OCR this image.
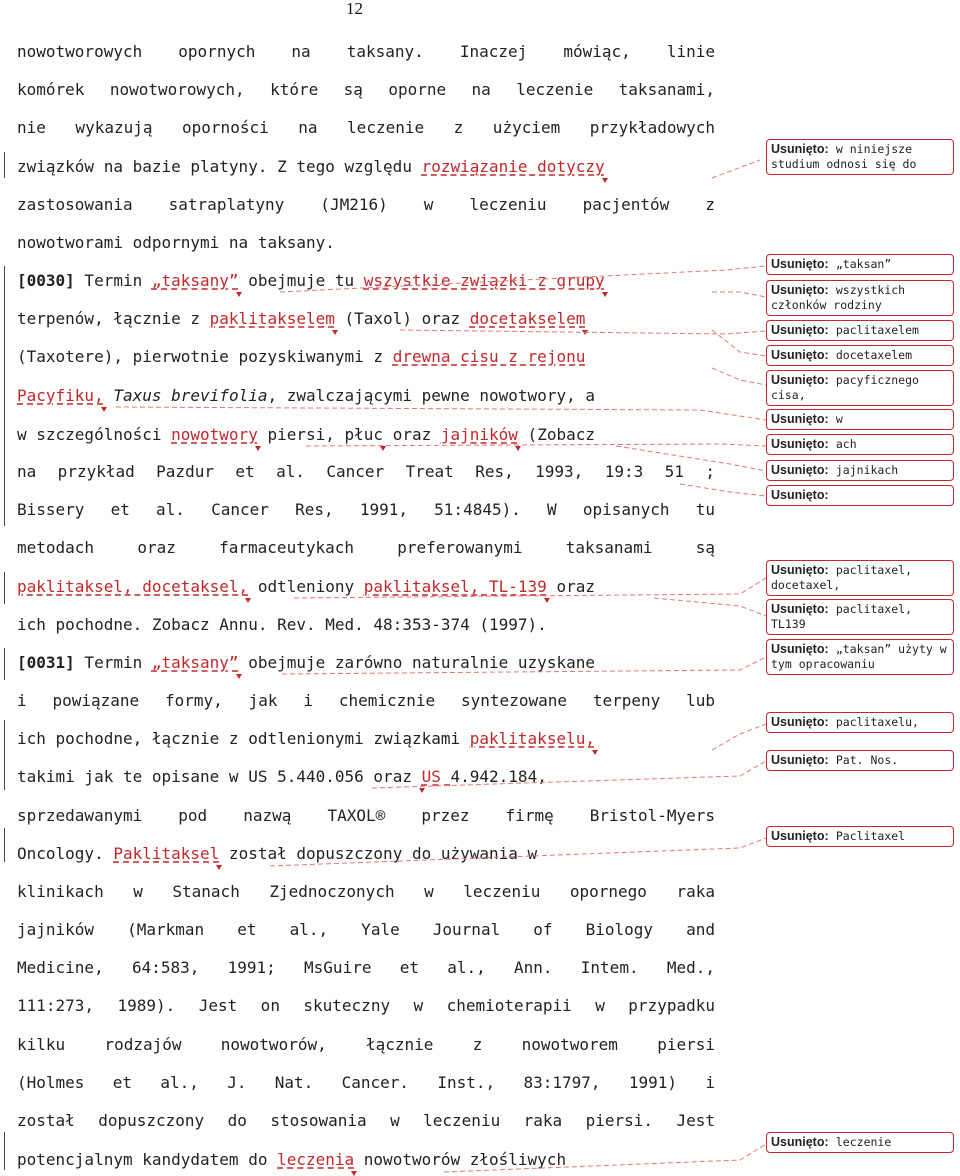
12
nowotworowych opornych na taksany. Inaczej mówiąc, linie
komórek nowotworowych, które są oporne na leczenie taksanami,
nie wykazują oporności na leczenie z użyciem przykładowych
związków na bazie platyny. Z tego względu rozwiązanie dotyczy
zastosowania satraplatyny (JM216) w leczeniu pacjentów z
nowotworami odpornymi na taksany.
[0030] Termin „taksany” obejmuje tu wszystkie związki z grupy
terpenów, łącznie z paklitakselem (Taxol) oraz docetakselem
(Taxotere), pierwotnie pozyskiwanymi z drewna cisu z rejonu
Pacyfiku, Taxus brevifolia, zwalczającymi pewne nowotwory, a
w szczególności nowotwory piersi, płuc oraz jajników (Zobacz
na przykład Pazdur et al. Cancer Treat Res, 1993, 19:3 51 ;
Bissery et al. Cancer Res, 1991, 51:4845). W opisanych tu
metodach oraz farmaceutykach preferowanymi taksanami są
paklitaksel, docetaksel, odtleniony paklitaksel, TL-139 oraz
ich pochodne. Zobacz Annu. Rev. Med. 48:353-374 (1997).
[0031] Termin „taksany” obejmuje zarówno naturalnie uzyskane
i powiązane formy, jak i chemicznie syntezowane terpeny lub
ich pochodne, łącznie z odtlenionymi związkami paklitakselu,
takimi jak te opisane w US 5.440.056 oraz US 4.942.184,
sprzedawanymi pod nazwą TAXOL® przez firmę Bristol-Myers
Oncology. Paklitaksel został dopuszczony do używania w
klinikach w Stanach Zjednoczonych w leczeniu opornego raka
jajników (Markman et al., Yale Journal of Biology and
Medicine, 64:583, 1991; MsGuire et al., Ann. Intem. Med.,
111:273, 1989). Jest on skuteczny w chemioterapii w przypadku
kilku rodzajów nowotworów, łącznie z nowotworem piersi
(Holmes et al., J. Nat. Cancer. Inst., 83:1797, 1991) i
został dopuszczony do stosowania w leczeniu raka piersi. Jest
potencjalnym kandydatem do leczenia nowotworów złośliwych
Usunięto: w niniejsze studium odnosi się do
Usunięto: „taksan”
Usunięto: wszystkich członków rodziny
Usunięto: paclitaxelem
Usunięto: docetaxelem
Usunięto: pacyficznego cisa,
Usunięto: w
Usunięto: ach
Usunięto: jajnikach
Usunięto:
Usunięto: paclitaxel, docetaxel,
Usunięto: paclitaxel, TL139
Usunięto: „taksan” użyty w tym opracowaniu
Usunięto: paclitaxelu,
Usunięto: Pat. Nos.
Usunięto: Paclitaxel
Usunięto: leczenie
